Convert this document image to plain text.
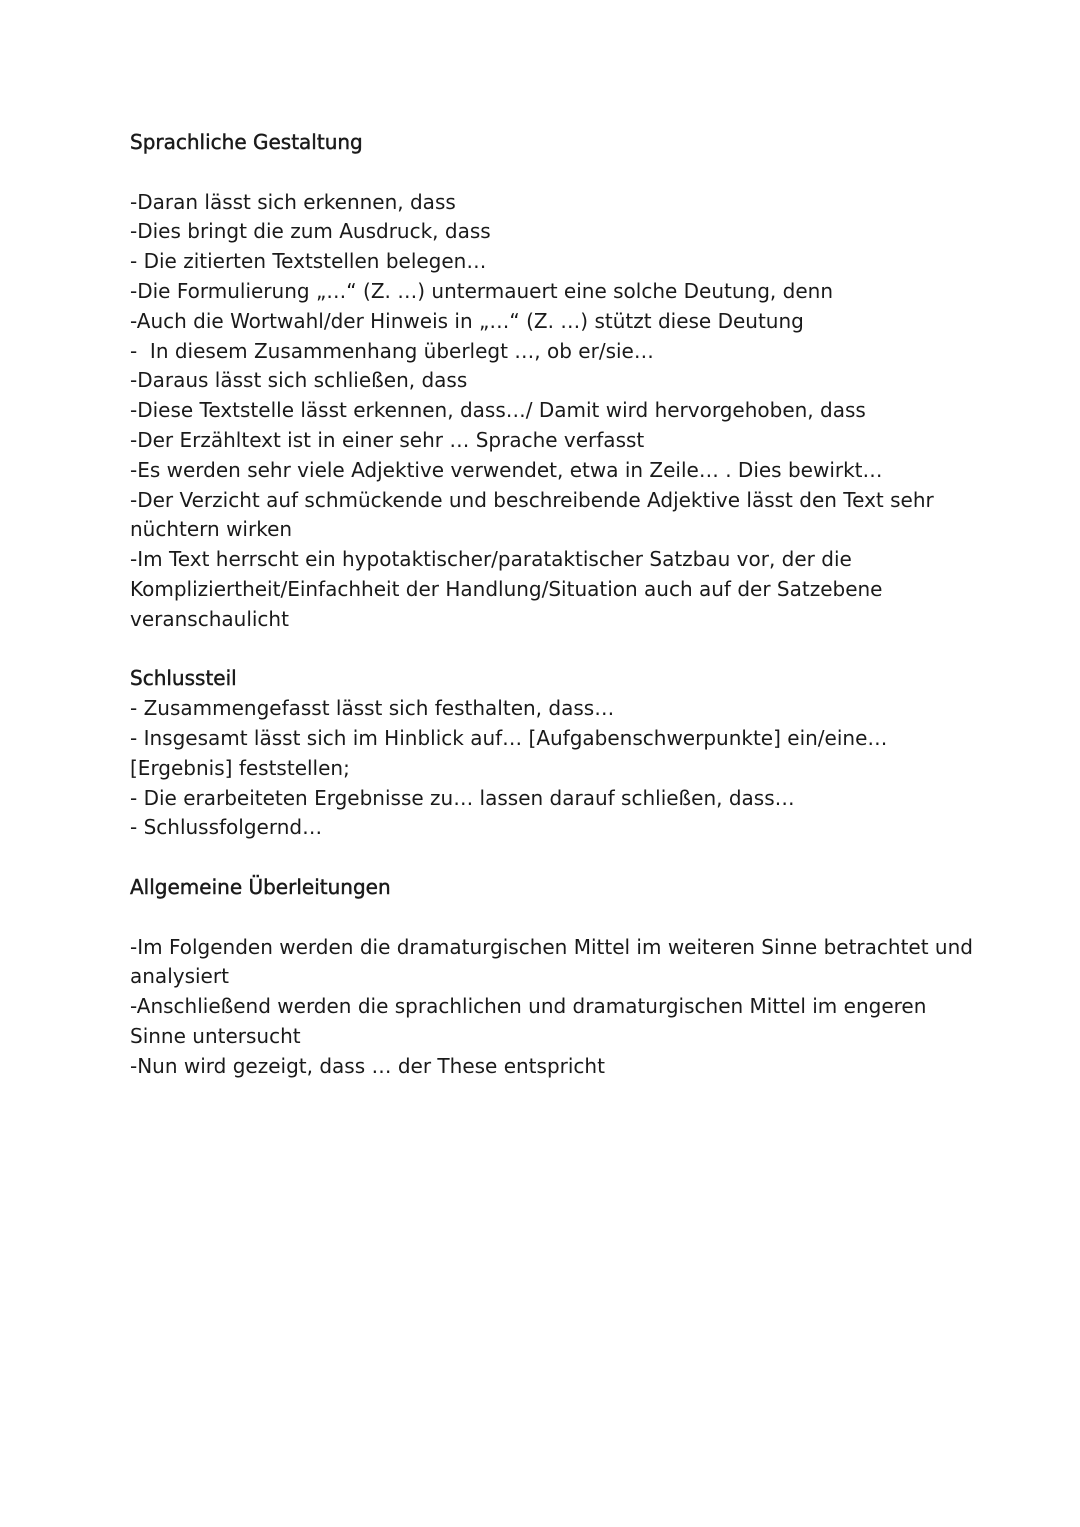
Sprachliche Gestaltung

-Daran lässt sich erkennen, dass

-Dies bringt die zum Ausdruck, dass

- Die zitierten Textstellen belegen…

-Die Formulierung „…“ (Z. …) untermauert eine solche Deutung, denn

-Auch die Wortwahl/der Hinweis in „…“ (Z. …) stützt diese Deutung

-  In diesem Zusammenhang überlegt …, ob er/sie…

-Daraus lässt sich schließen, dass

-Diese Textstelle lässt erkennen, dass…/ Damit wird hervorgehoben, dass

-Der Erzähltext ist in einer sehr … Sprache verfasst

-Es werden sehr viele Adjektive verwendet, etwa in Zeile… . Dies bewirkt…

-Der Verzicht auf schmückende und beschreibende Adjektive lässt den Text sehr

nüchtern wirken

-Im Text herrscht ein hypotaktischer/parataktischer Satzbau vor, der die

Kompliziertheit/Einfachheit der Handlung/Situation auch auf der Satzebene

veranschaulicht

Schlussteil

- Zusammengefasst lässt sich festhalten, dass…

- Insgesamt lässt sich im Hinblick auf… [Aufgabenschwerpunkte] ein/eine…

[Ergebnis] feststellen;

- Die erarbeiteten Ergebnisse zu… lassen darauf schließen, dass…

- Schlussfolgernd…

Allgemeine Überleitungen

-Im Folgenden werden die dramaturgischen Mittel im weiteren Sinne betrachtet und

analysiert

-Anschließend werden die sprachlichen und dramaturgischen Mittel im engeren

Sinne untersucht

-Nun wird gezeigt, dass … der These entspricht
